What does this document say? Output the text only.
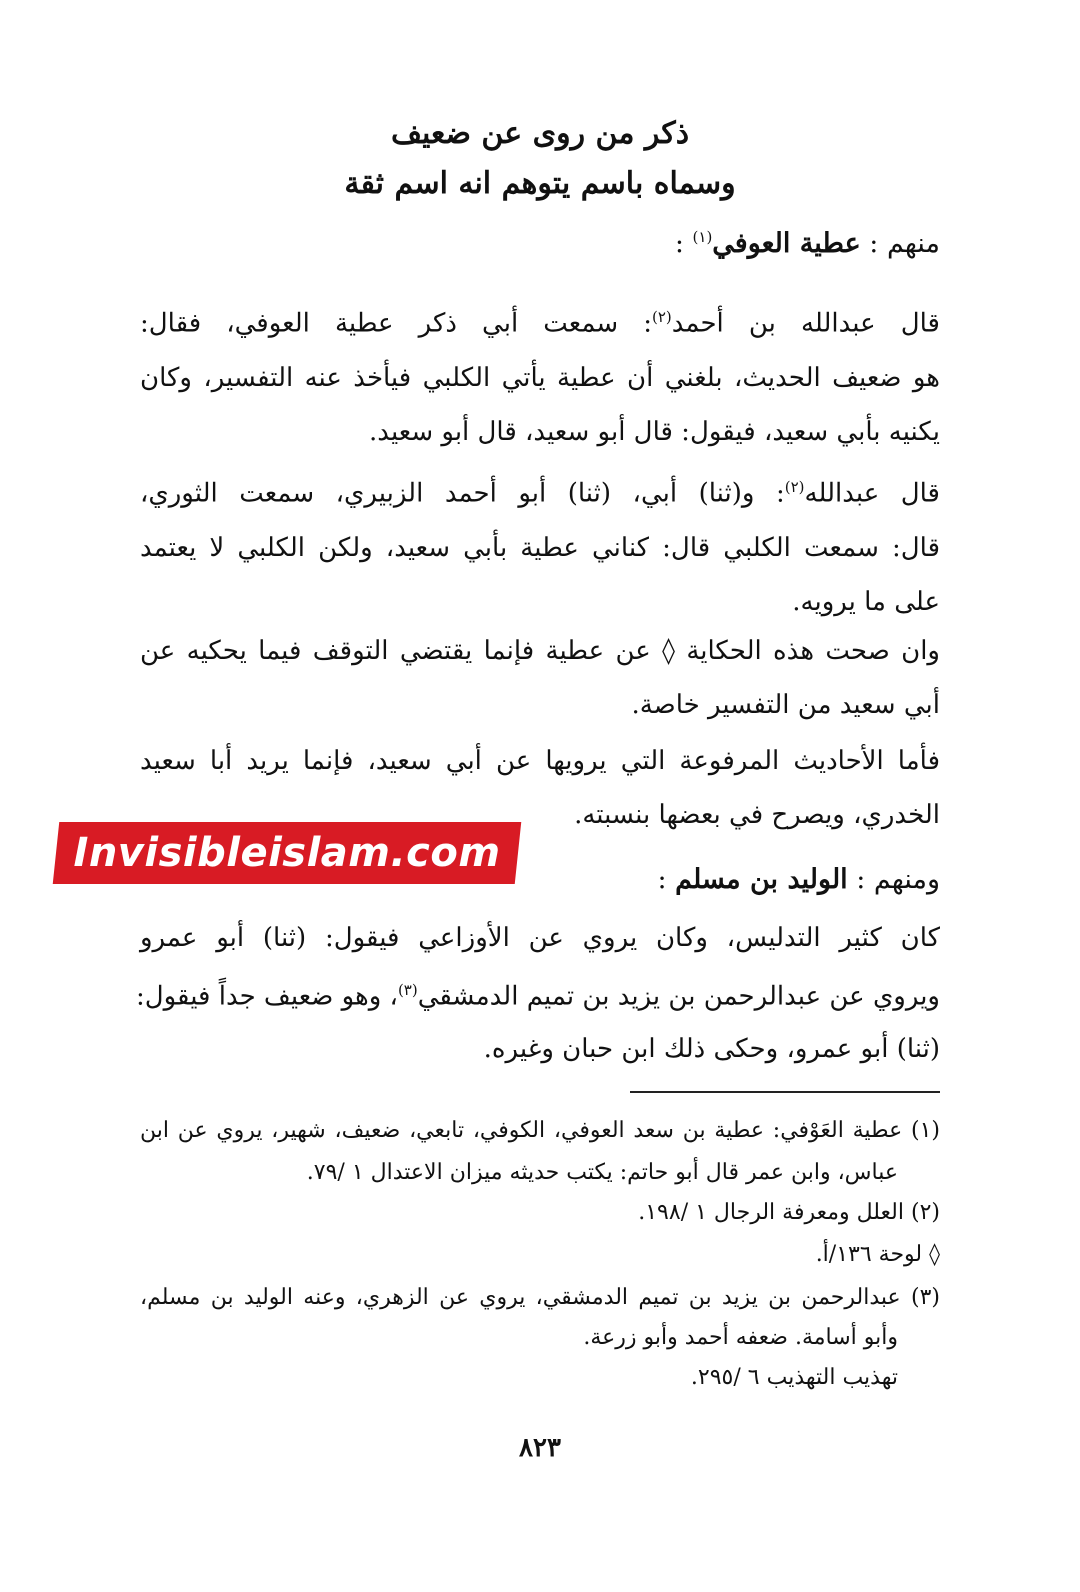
ذكر من روى عن ضعيف
وسماه باسم يتوهم انه اسم ثقة
منهم : عطية العوفي$^{(١)}$ :
قال عبدالله بن أحمد$^{(٢)}$: سمعت أبي ذكر عطية العوفي، فقال:
هو ضعيف الحديث، بلغني أن عطية يأتي الكلبي فيأخذ عنه التفسير، وكان
يكنيه بأبي سعيد، فيقول: قال أبو سعيد، قال أبو سعيد.
قال عبدالله$^{(٢)}$: و(ثنا) أبي، (ثنا) أبو أحمد الزبيري، سمعت الثوري،
قال: سمعت الكلبي قال: كناني عطية بأبي سعيد، ولكن الكلبي لا يعتمد
على ما يرويه.
وان صحت هذه الحكاية ◊ عن عطية فإنما يقتضي التوقف فيما يحكيه عن
أبي سعيد من التفسير خاصة.
فأما الأحاديث المرفوعة التي يرويها عن أبي سعيد، فإنما يريد أبا سعيد
الخدري، ويصرح في بعضها بنسبته.
Invisibleislam.com
ومنهم : الوليد بن مسلم :
كان كثير التدليس، وكان يروي عن الأوزاعي فيقول: (ثنا) أبو عمرو
ويروي عن عبدالرحمن بن يزيد بن تميم الدمشقي$^{(٣)}$، وهو ضعيف جداً فيقول:
(ثنا) أبو عمرو، وحكى ذلك ابن حبان وغيره.
(١) عطية العَوْفي: عطية بن سعد العوفي، الكوفي، تابعي، ضعيف، شهير، يروي عن ابن
عباس، وابن عمر قال أبو حاتم: يكتب حديثه ميزان الاعتدال ١ /٧٩.
(٢) العلل ومعرفة الرجال ١ /١٩٨.
◊ لوحة ١٣٦/أ.
(٣) عبدالرحمن بن يزيد بن تميم الدمشقي، يروي عن الزهري، وعنه الوليد بن مسلم،
وأبو أسامة. ضعفه أحمد وأبو زرعة.
تهذيب التهذيب ٦ /٢٩٥.
٨٢٣
